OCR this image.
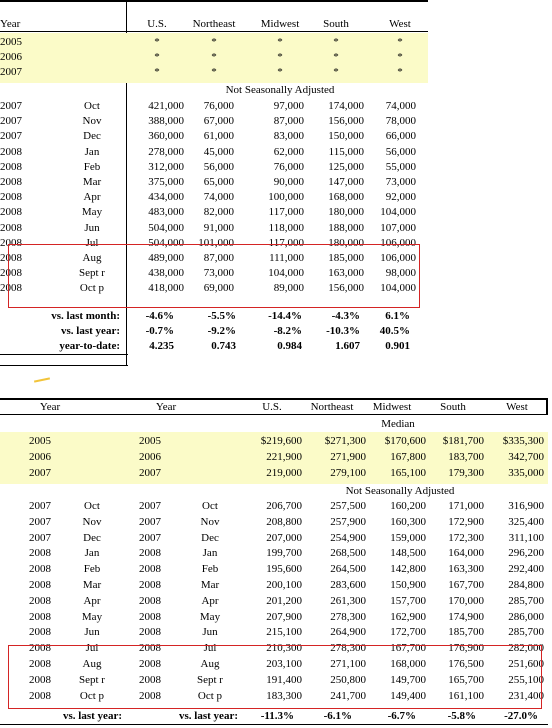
Year	U.S.	Northeast	Midwest	South	West
2005	*	*	*	*	*
2006	*	*	*	*	*
2007	*	*	*	*	*
Not Seasonally Adjusted
2007	Oct	421,000	76,000	97,000	174,000	74,000
2007	Nov	388,000	67,000	87,000	156,000	78,000
2007	Dec	360,000	61,000	83,000	150,000	66,000
2008	Jan	278,000	45,000	62,000	115,000	56,000
2008	Feb	312,000	56,000	76,000	125,000	55,000
2008	Mar	375,000	65,000	90,000	147,000	73,000
2008	Apr	434,000	74,000	100,000	168,000	92,000
2008	May	483,000	82,000	117,000	180,000	104,000
2008	Jun	504,000	91,000	118,000	188,000	107,000
2008	Jul	504,000	101,000	117,000	180,000	106,000
2008	Aug	489,000	87,000	111,000	185,000	106,000
2008	Sept r	438,000	73,000	104,000	163,000	98,000
2008	Oct p	418,000	69,000	89,000	156,000	104,000
vs. last month:	-4.6%	-5.5%	-14.4%	-4.3%	6.1%
vs. last year:	-0.7%	-9.2%	-8.2%	-10.3%	40.5%
year-to-date:	4.235	0.743	0.984	1.607	0.901
Year	Year	U.S.	Northeast	Midwest	South	West
Median
2005	2005	$219,600	$271,300	$170,600	$181,700	$335,300
2006	2006	221,900	271,900	167,800	183,700	342,700
2007	2007	219,000	279,100	165,100	179,300	335,000
Not Seasonally Adjusted
2007	Oct	2007	Oct	206,700	257,500	160,200	171,000	316,900
2007	Nov	2007	Nov	208,800	257,900	160,300	172,900	325,400
2007	Dec	2007	Dec	207,000	254,900	159,000	172,300	311,100
2008	Jan	2008	Jan	199,700	268,500	148,500	164,000	296,200
2008	Feb	2008	Feb	195,600	264,500	142,800	163,300	292,400
2008	Mar	2008	Mar	200,100	283,600	150,900	167,700	284,800
2008	Apr	2008	Apr	201,200	261,300	157,700	170,000	285,700
2008	May	2008	May	207,900	278,300	162,900	174,900	286,000
2008	Jun	2008	Jun	215,100	264,900	172,700	185,700	285,700
2008	Jul	2008	Jul	210,300	278,300	167,700	176,900	282,000
2008	Aug	2008	Aug	203,100	271,100	168,000	176,500	251,600
2008	Sept r	2008	Sept r	191,400	250,800	149,700	165,700	255,100
2008	Oct p	2008	Oct p	183,300	241,700	149,400	161,100	231,400
vs. last year:	vs. last year:	-11.3%	-6.1%	-6.7%	-5.8%	-27.0%
